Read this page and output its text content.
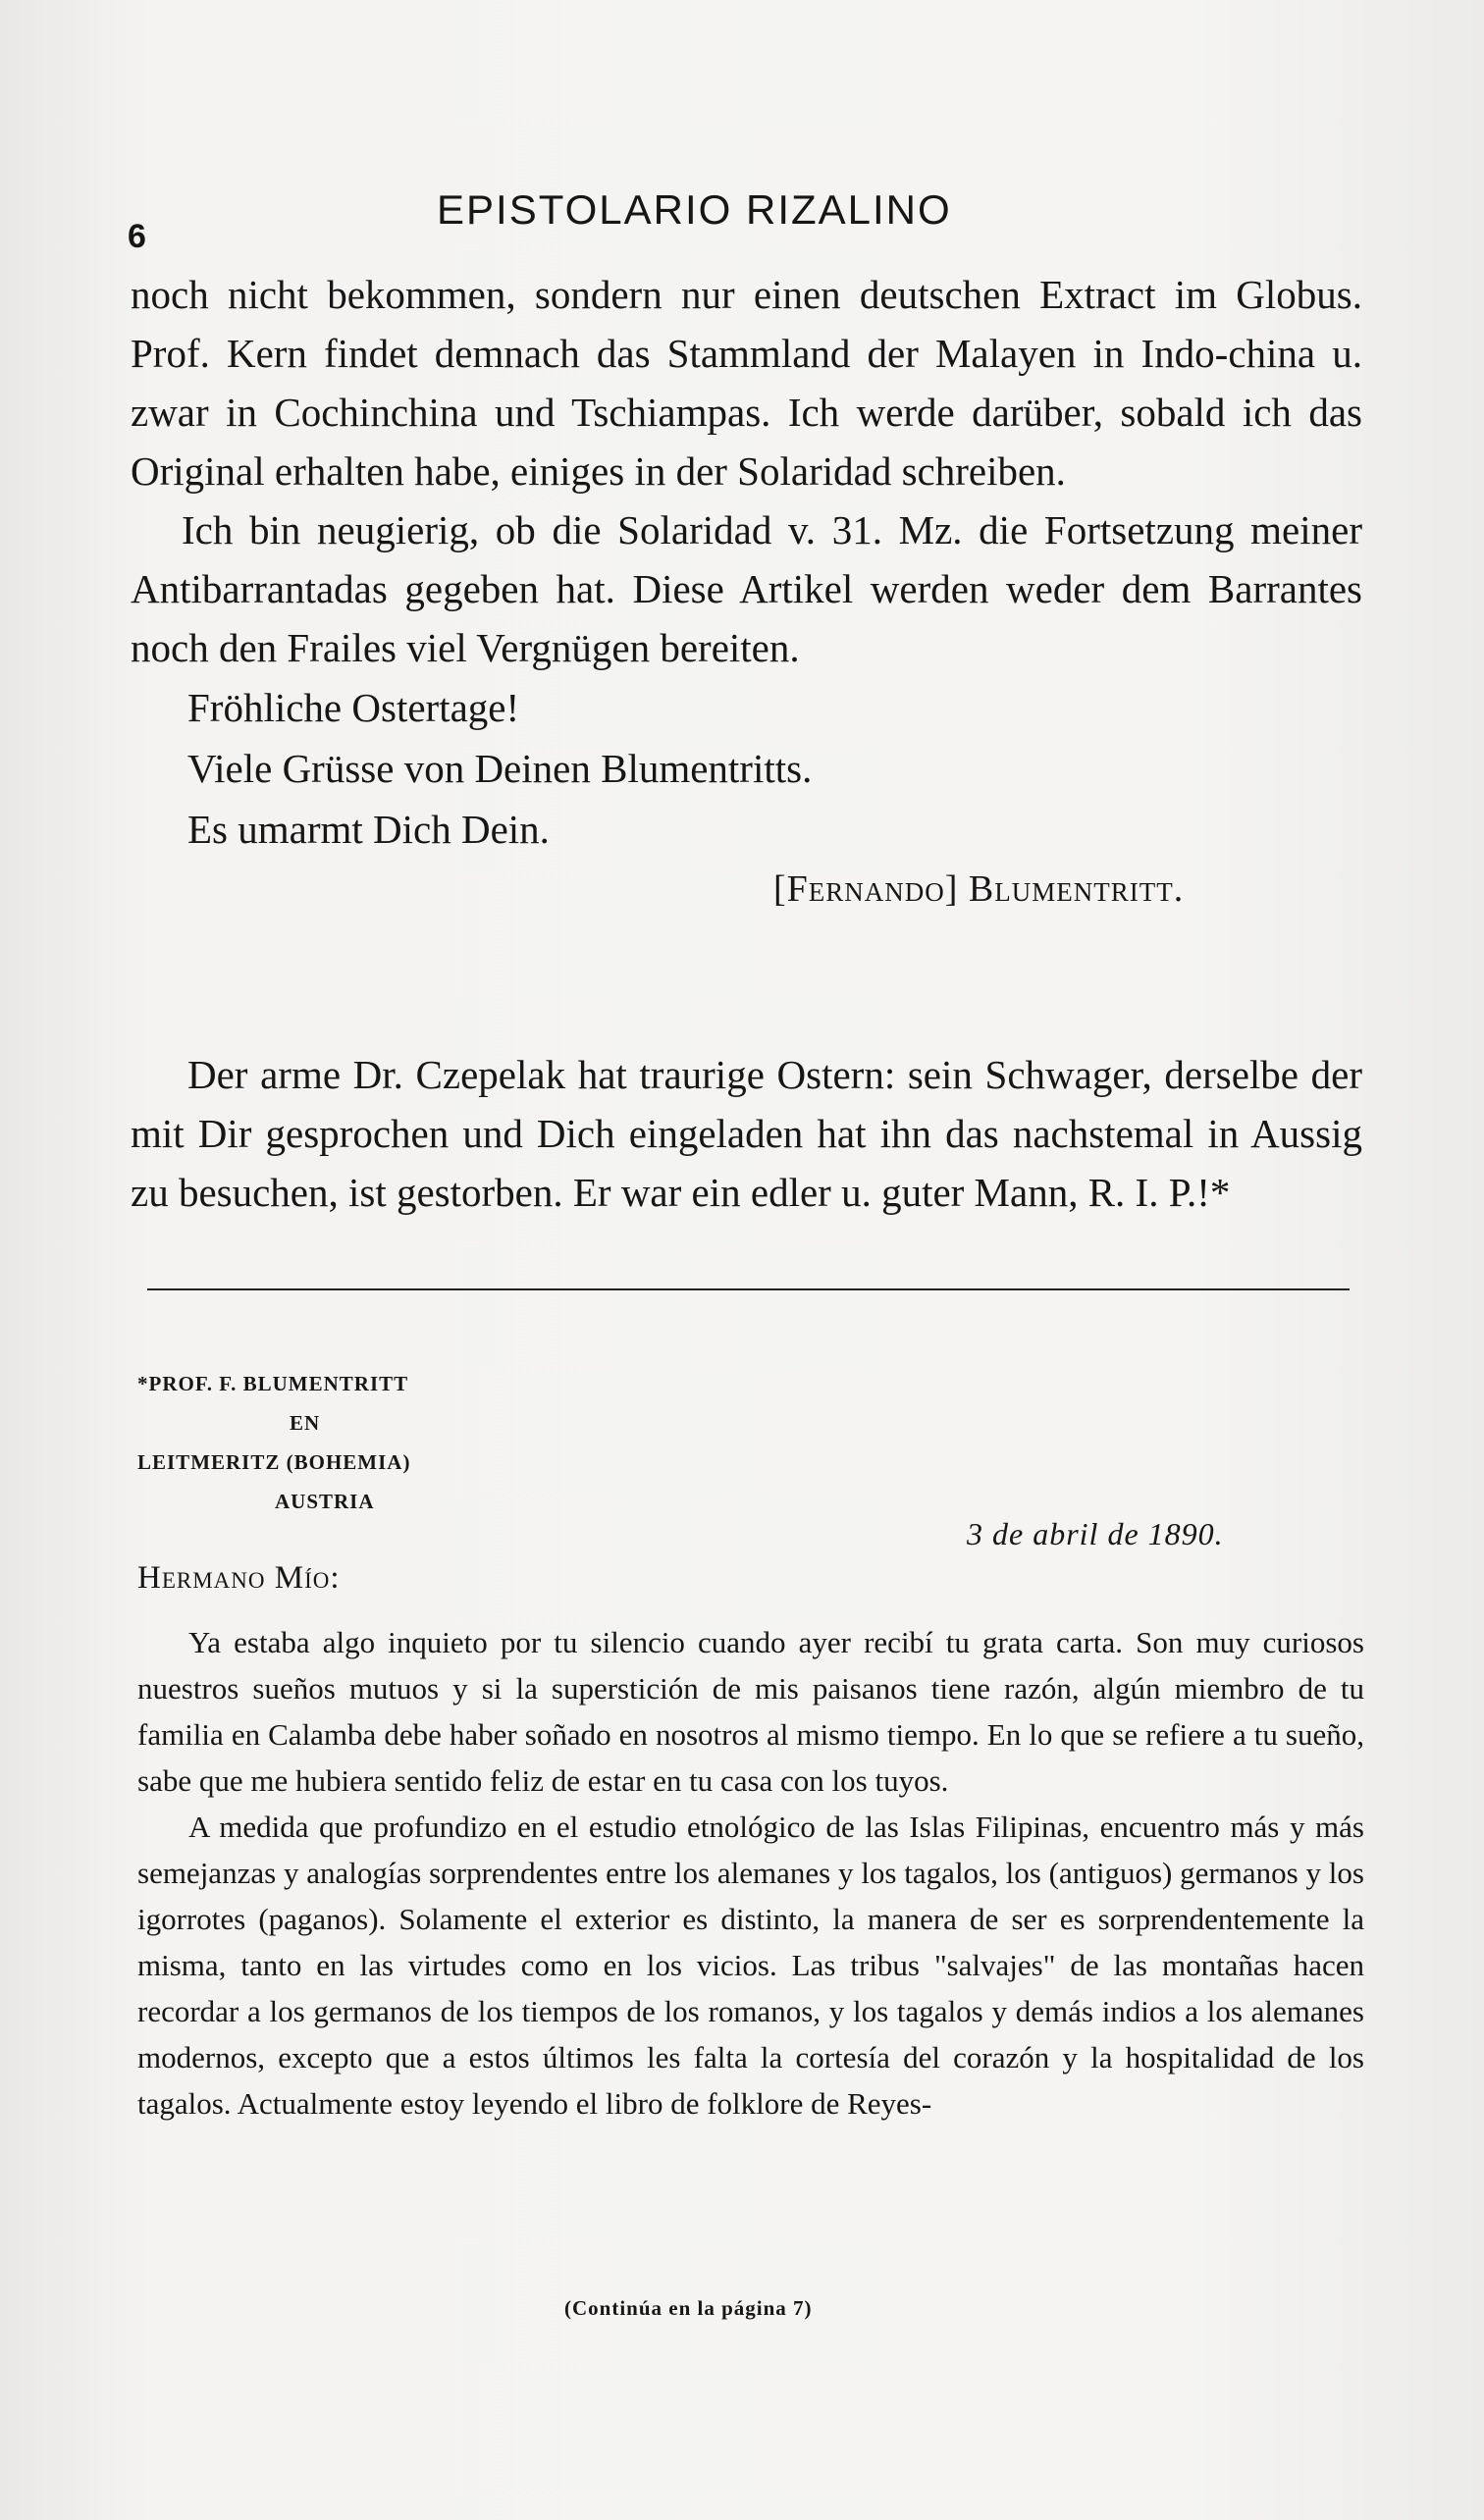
6
EPISTOLARIO RIZALINO

noch nicht bekommen, sondern nur einen deutschen Extract im Globus. Prof. Kern findet demnach das Stammland der Malayen in Indo-china u. zwar in Cochinchina und Tschiampas. Ich werde darüber, sobald ich das Original erhalten habe, einiges in der Solaridad schreiben.

Ich bin neugierig, ob die Solaridad v. 31. Mz. die Fortsetzung meiner Antibarrantadas gegeben hat. Diese Artikel werden weder dem Barrantes noch den Frailes viel Vergnügen bereiten.

Fröhliche Ostertage!

Viele Grüsse von Deinen Blumentritts.

Es umarmt Dich Dein.

[Fernando] Blumentritt.

Der arme Dr. Czepelak hat traurige Ostern: sein Schwager, derselbe der mit Dir gesprochen und Dich eingeladen hat ihn das nachstemal in Aussig zu besuchen, ist gestorben. Er war ein edler u. guter Mann, R. I. P.!*

*PROF. F. BLUMENTRITT
EN
LEITMERITZ (BOHEMIA)
AUSTRIA
3 de abril de 1890.
Hermano Mío:

Ya estaba algo inquieto por tu silencio cuando ayer recibí tu grata carta. Son muy curiosos nuestros sueños mutuos y si la superstición de mis paisanos tiene razón, algún miembro de tu familia en Calamba debe haber soñado en nosotros al mismo tiempo. En lo que se refiere a tu sueño, sabe que me hubiera sentido feliz de estar en tu casa con los tuyos.

A medida que profundizo en el estudio etnológico de las Islas Filipinas, encuentro más y más semejanzas y analogías sorprendentes entre los alemanes y los tagalos, los (antiguos) germanos y los igorrotes (paganos). Solamente el exterior es distinto, la manera de ser es sorprendentemente la misma, tanto en las virtudes como en los vicios. Las tribus "salvajes" de las montañas hacen recordar a los germanos de los tiempos de los romanos, y los tagalos y demás indios a los alemanes modernos, excepto que a estos últimos les falta la cortesía del corazón y la hospitalidad de los tagalos. Actualmente estoy leyendo el libro de folklore de Reyes-

(Continúa en la página 7)
